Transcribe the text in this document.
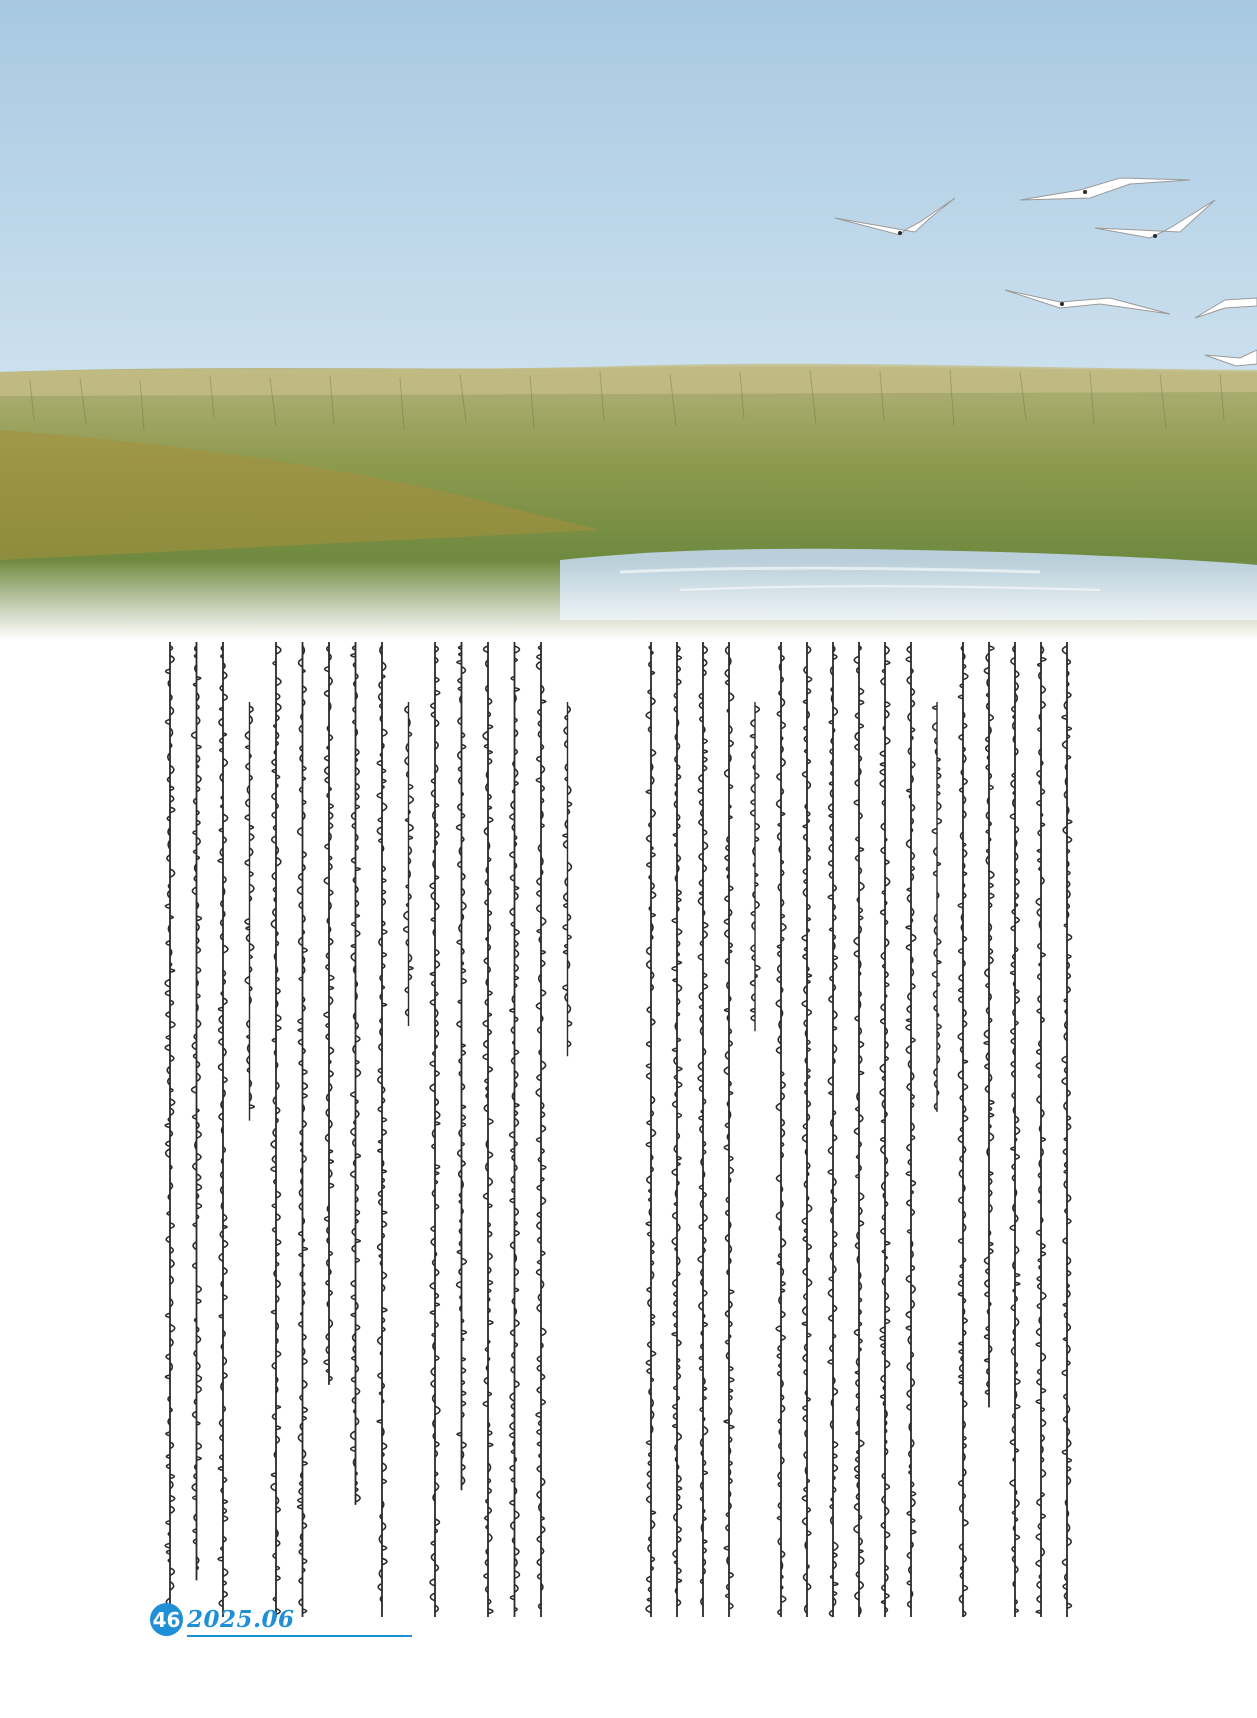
46 2025.06
